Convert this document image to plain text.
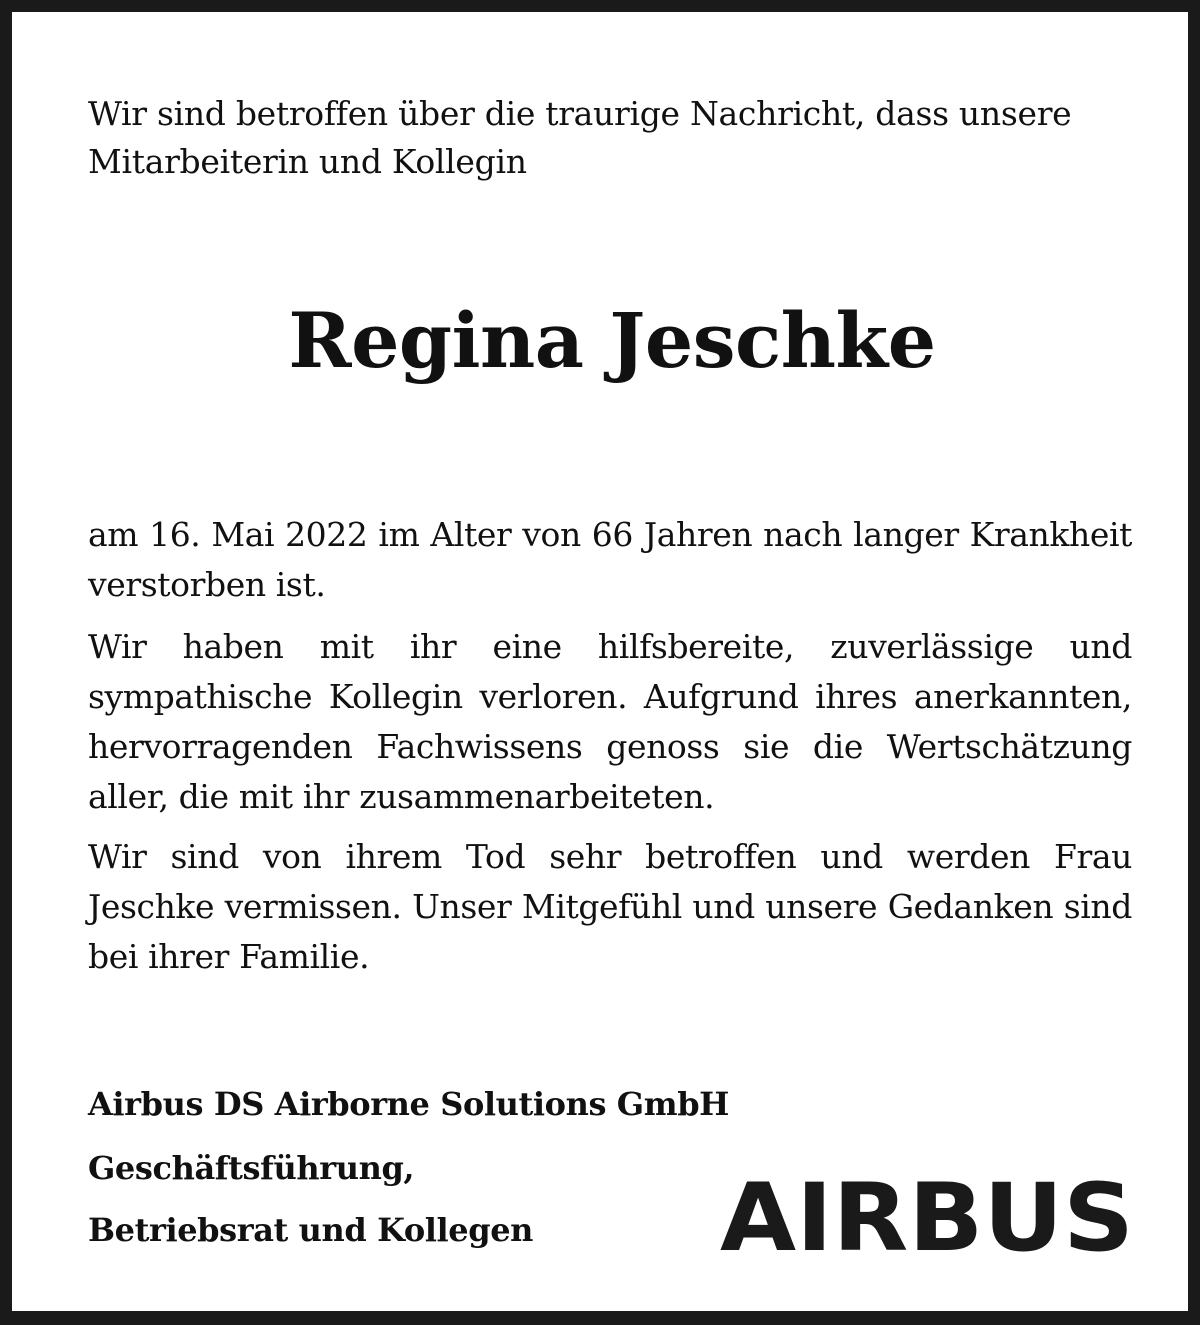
Wir sind betroffen über die traurige Nachricht, dass unsere Mitarbeiterin und Kollegin

Regina Jeschke

am 16. Mai 2022 im Alter von 66 Jahren nach langer Krankheit verstorben ist.

Wir haben mit ihr eine hilfsbereite, zuverlässige und sympathische Kollegin verloren. Aufgrund ihres anerkannten, hervorragenden Fachwissens genoss sie die Wertschätzung aller, die mit ihr zusammenarbeiteten.

Wir sind von ihrem Tod sehr betroffen und werden Frau Jeschke vermissen. Unser Mitgefühl und unsere Gedanken sind bei ihrer Familie.

Airbus DS Airborne Solutions GmbH

Geschäftsführung,

Betriebsrat und Kollegen AIRBUS
